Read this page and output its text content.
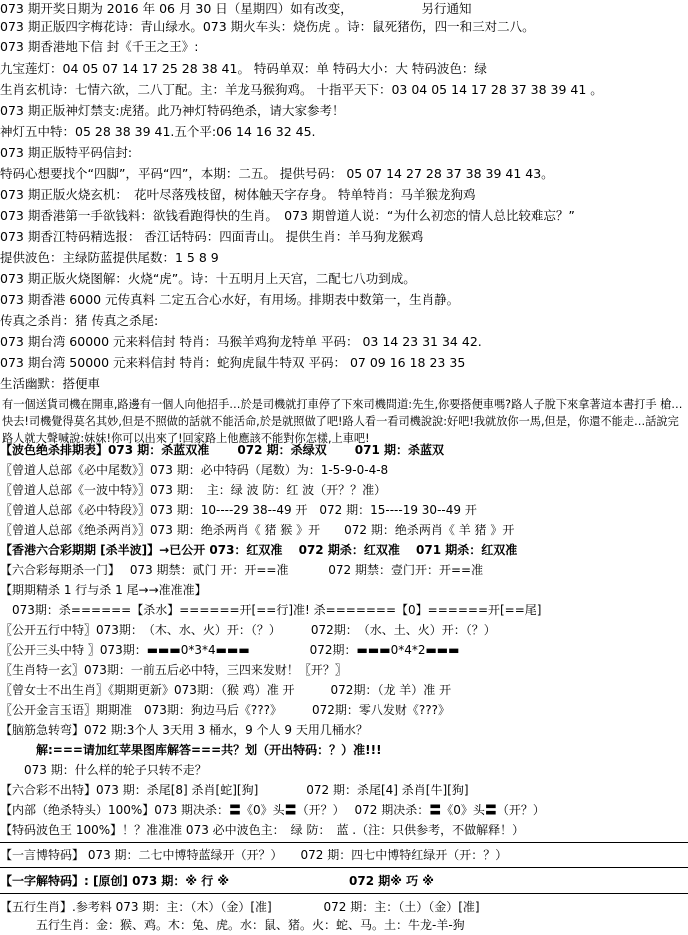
073 期开奖日期为 2016 年 06 月 30 日（星期四）如有改变，　　　　　　另行通知
073 期正版四字梅花诗：青山绿水。073 期火车头：烧伤虎 。诗：鼠死猪伤，四一和三对二八。
073 期香港地下信 封《千王之王》:
九宝莲灯：04 05 07 14 17 25 28 38 41。 特码单双：单 特码大小：大 特码波色：绿
生肖玄机诗：七情六欲，二八丁配。主：羊龙马猴狗鸡。 十指平天下：03 04 05 14 17 28 37 38 39 41 。
073 期正版神灯禁支:虎猪。此乃神灯特码绝杀，请大家参考！
神灯五中特：05 28 38 39 41.五个平:06 14 16 32 45.
073 期正版特平码信封:
特码心想要找个“四脚”，平码“四”，本期：二五。 提供号码： 05 07 14 27 28 37 38 39 41 43。
073 期正版火烧玄机：　花叶尽落残枝留，树体触天字存身。 特单特肖：马羊猴龙狗鸡
073 期香港第一手欲钱料：欲钱看跑得快的生肖。　073 期曾道人说：“为什么初恋的情人总比较难忘？”
073 期香江特码精选报： 香江话特码：四面青山。 提供生肖：羊马狗龙猴鸡
提供波色：主绿防蓝提供尾数：1 5 8 9
073 期正版火烧图解：火烧“虎”。诗：十五明月上天宫，二配七八功到成。
073 期香港 6000 元传真料 二定五合心水好，有用场。排期表中数第一，生肖静。
传真之杀肖：猪 传真之杀尾:
073 期台湾 60000 元来料信封 特肖：马猴羊鸡狗龙特单 平码： 03 14 23 31 34 42.
073 期台湾 50000 元来料信封 特肖：蛇狗虎鼠牛特双 平码： 07 09 16 18 23 35
生活幽默：搭便車
有一個送貨司機在開車,路邊有一個人向他招手…於是司機就打車停了下來司機問道:先生,你要搭便車嗎?路人子脫下來拿著這本書打手 槍…快去!司機覺得莫名其妙,但是不照做的話就不能活命,於是就照做了吧!路人看一看司機說說:好吧!我就放你一馬,但是，你還不能走…話說完路人就大聲喊說:妹妹!你可以出來了!回家路上他應該不能對你怎樣,上車吧!
【波色绝杀排期表】073 期：杀蓝双准　　 072 期：杀绿双　　 071 期：杀蓝双
〖曾道人总部《必中尾数》〗073 期：必中特码（尾数）为：1-5-9-0-4-8
〖曾道人总部《一波中特》〗073 期：　主：绿 波 防：红 波（开？？准）
〖曾道人总部《必中特段》〗073 期：10----29 38--49 开　072 期：15----19 30--49 开
〖曾道人总部《绝杀两肖》〗073 期：绝杀两肖《 猪 猴 》开　　072 期：绝杀两肖《 羊 猪 》开
【香港六合彩期期 [杀半波]】→已公开 073：红双准　 072 期杀：红双准　 071 期杀：红双准
【六合彩每期杀一门】　 073 期禁：贰门 开：开==准　　　 072 期禁：壹门开：开==准
【期期精杀 1 行与杀 1 尾→→准准准】
　073期：杀======【杀水】======开[==行]准! 杀=======【0】======开[==尾]
〖公开五行中特〗073期：　（木、水、火）开：（？）　　　072期：　（水、土、火）开：（？）
〖公开三头中特 〗073期：▬▬▬0*3*4▬▬▬　　　　　072期：▬▬▬0*4*2▬▬▬
〖生肖特一玄〗073期：一前五后必中特，三四来发财！〖开？〗
〖曾女士不出生肖〗《期期更新》073期：（猴 鸡）准 开　　　072期：（龙 羊）准 开
〖公开金言玉语〗期期准　073期：狗边马后《???》　　　072期：零八发财《???》
【脑筋急转弯】072 期:3个人 3天用 3 桶水，9 个人 9 天用几桶水？
　　　解:===请加红苹果图库解答===共？划（开出特码：？）准!!!
　　073 期：什么样的轮子只转不走？
【六合彩不出特】073 期：杀尾[8] 杀肖[蛇][狗]　　　　072 期：杀尾[4] 杀肖[牛][狗]
【内部（绝杀特头）100%】073 期决杀：〓《0》头〓（开？）　 072 期决杀：〓《0》头〓（开？）
【特码波色王 100%】！？准准准 073 必中波色主：　绿 防：　蓝 .（注：只供参考，不做解释！）
【一言博特码】 073 期：二七中博特蓝绿开（开？）　　072 期：四七中博特红绿开（开：？）
【一字解特码】: [原创] 073 期：※ 行 ※　　　　　　　　　　072 期※ 巧 ※
【五行生肖】.参考料 073 期：主：（木）（金）[准]　　　　 072 期：主：（土）（金）[准]
　　　五行生肖：金：猴、鸡。木：兔、虎。水：鼠、猪。火：蛇、马。土：牛龙-羊-狗
